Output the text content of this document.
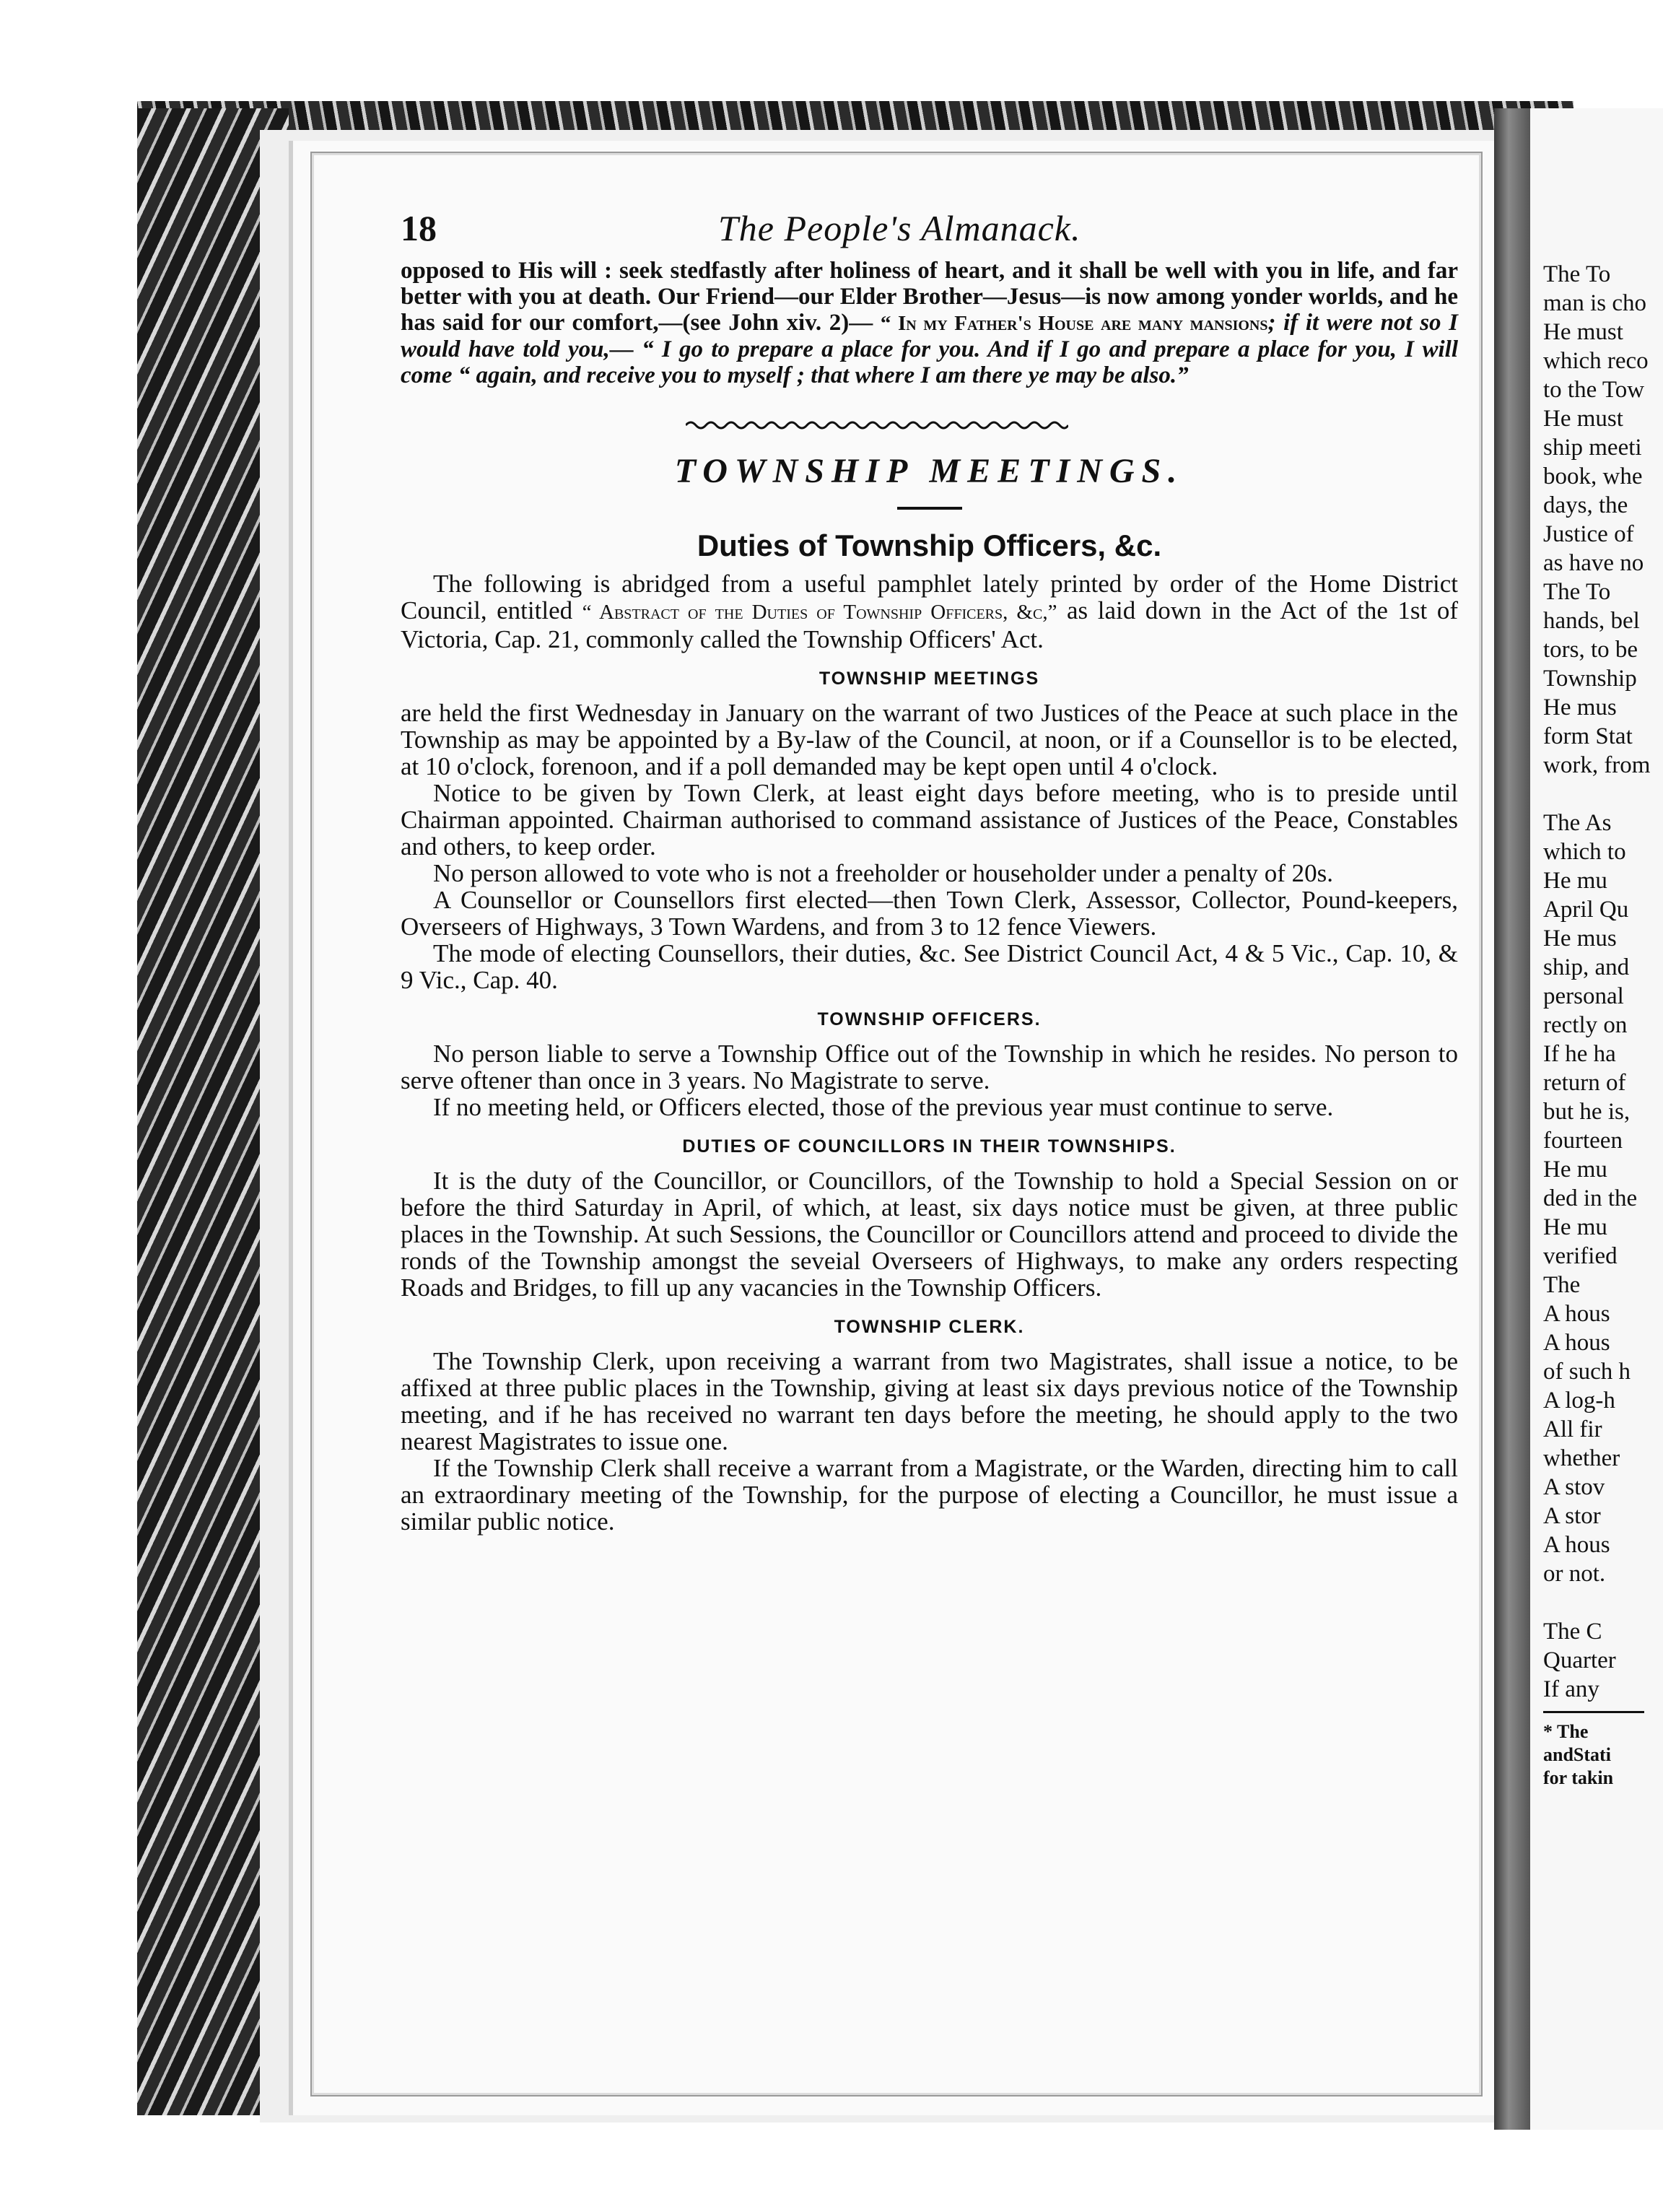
The To
man is cho
He must
which reco
to the Tow
He must
ship meeti
book, whe
days, the
Justice of
as have no
The To
hands, bel
tors, to be
Township
He mus
form Stat
work, from
The As
which to
He mu
April Qu
He mus
ship, and
personal
rectly on
If he ha
return of
but he is,
fourteen
He mu
ded in the
He mu
verified
The
A hous
A hous
of such h
A log-h
All fir
whether
A stov
A stor
A hous
or not.
The C
Quarter
If any
* The
andStati
for takin
18	The People's Almanack.

opposed to His will : seek stedfastly after holiness of heart, and it shall be well with you in life, and far better with you at death. Our Friend—our Elder Brother—Jesus—is now among yonder worlds, and he has said for our comfort,—(see John xiv. 2)— “ In my Father's House are many mansions; if it were not so I would have told you,— “ I go to prepare a place for you. And if I go and prepare a place for you, I will come “ again, and receive you to myself ; that where I am there ye may be also.”

TOWNSHIP MEETINGS.
Duties of Township Officers, &c.

The following is abridged from a useful pamphlet lately printed by order of the Home District Council, entitled “ Abstract of the Duties of Township Officers, &c,” as laid down in the Act of the 1st of Victoria, Cap. 21, commonly called the Township Officers' Act.

TOWNSHIP MEETINGS

are held the first Wednesday in January on the warrant of two Justices of the Peace at such place in the Township as may be appointed by a By-law of the Council, at noon, or if a Counsellor is to be elected, at 10 o'clock, forenoon, and if a poll demanded may be kept open until 4 o'clock.

Notice to be given by Town Clerk, at least eight days before meeting, who is to preside until Chairman appointed. Chairman authorised to command assistance of Justices of the Peace, Constables and others, to keep order.

No person allowed to vote who is not a freeholder or householder under a penalty of 20s.

A Counsellor or Counsellors first elected—then Town Clerk, Assessor, Collector, Pound-keepers, Overseers of Highways, 3 Town Wardens, and from 3 to 12 fence Viewers.

The mode of electing Counsellors, their duties, &c. See District Council Act, 4 & 5 Vic., Cap. 10, & 9 Vic., Cap. 40.

TOWNSHIP OFFICERS.

No person liable to serve a Township Office out of the Township in which he resides. No person to serve oftener than once in 3 years. No Magistrate to serve.

If no meeting held, or Officers elected, those of the previous year must continue to serve.

DUTIES OF COUNCILLORS IN THEIR TOWNSHIPS.

It is the duty of the Councillor, or Councillors, of the Township to hold a Special Session on or before the third Saturday in April, of which, at least, six days notice must be given, at three public places in the Township. At such Sessions, the Councillor or Councillors attend and proceed to divide the ronds of the Township amongst the seveial Overseers of Highways, to make any orders respecting Roads and Bridges, to fill up any vacancies in the Township Officers.

TOWNSHIP CLERK.

The Township Clerk, upon receiving a warrant from two Magistrates, shall issue a notice, to be affixed at three public places in the Township, giving at least six days previous notice of the Township meeting, and if he has received no warrant ten days before the meeting, he should apply to the two nearest Magistrates to issue one.

If the Township Clerk shall receive a warrant from a Magistrate, or the Warden, directing him to call an extraordinary meeting of the Township, for the purpose of electing a Councillor, he must issue a similar public notice.
